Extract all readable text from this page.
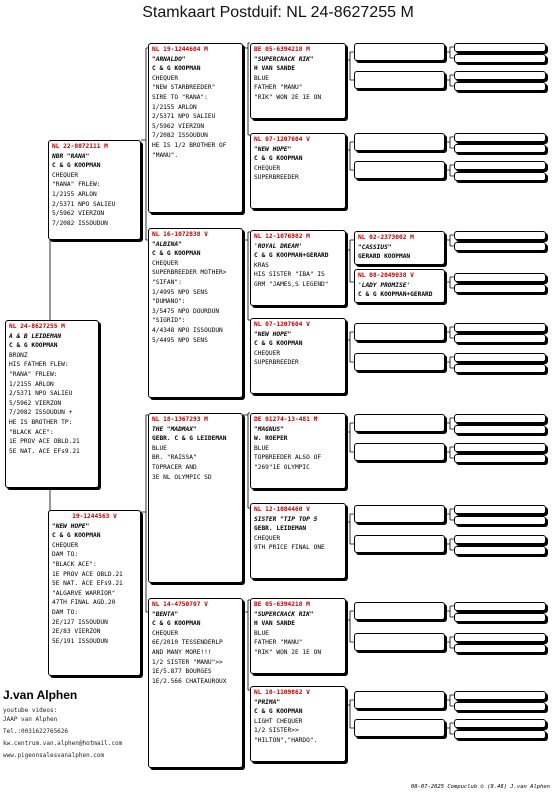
Stamkaart Postduif: NL 24-8627255 M
NL 24-8627255 M
A & B LEIDEMAN
C & G KOOPMAN
BRONZ
HIS FATHER FLEW:
"RANA" FRLEW:
1/2155 ARLON
2/5371 NPO SALIEU
5/5962 VIERZON
7/2082 ISSOUDUN +
HE IS BROTHER TP:
"BLACK ACE":
1E PROV ACE OBLD.21
5E NAT. ACE EFs9.21
NL 22-8072111 M
NBR "RANA"
C & G KOOPMAN
CHEQUER
"RANA" FRLEW:
1/2155 ARLON
2/5371 NPO SALIEU
5/5962 VIERZON
7/2082 ISSOUDUN
19-1244563 V
"NEW HOPE"
C & G KOOPMAN
CHEQUER
DAM TO:
"BLACK ACE":
1E PROV ACE OBLD.21
5E NAT. ACE EFs9.21
"ALGARVE WARRIOR"
47TH FINAL AGD.20
DAM TO:
2E/127 ISSOUDUN
2E/83 VIERZON
5E/191 ISSOUDUN
NL 19-1244604 M
"ARNALDO"
C & G KOOPMAN
CHEQUER
"NEW STARBREEDER"
SIRE TO "RANA":
1/2155 ARLON
2/5371 NPO SALIEU
5/5962 VIERZON
7/2082 ISSOUDUN
HE IS 1/2 BROTHER OF
"MANU".
NL 16-1072838 V
"ALBINA"
C & G KOOPMAN
CHEQUER
SUPERBREEDER MOTHER>
"SIFAN":
1/4995 NPO SENS
"DUMANO":
3/5475 NPO DOURDUN
"SIGRID":
4/4348 NPO ISSOUDUN
5/4495 NPO SENS
NL 18-1367293 M
THE "MADMAX"
GEBR. C & G LEIDEMAN
BLUE
BR. "RAISSA"
TOPRACER AND
3E NL OLYMPIC SD
NL 14-4750707 V
"BENTA"
C & G KOOPMAN
CHEQUER
6E/2010 TESSENDERLP
AND MANY MORE!!!
1/2 SISTER "MANU">>
1E/5.877 BOURGES
1E/2.566 CHATEAUROUX
BE 05-6394218 M
"SUPERCRACK RIK"
H VAN SANDE
BLUE
FATHER "MANU"
"RIK" WON 2E 1E ON
NL 07-1207604 V
"NEW HOPE"
C & G KOOPMAN
CHEQUER
SUPERBREEDER
NL 12-1076982 M
'ROYAL DREAM'
C & G KOOPMAN+GERARD
KRAS
HIS SISTER "IBA" IS
GRM "JAMES,S LEGEND"
NL 07-1207604 V
"NEW HOPE"
C & G KOOPMAN
CHEQUER
SUPERBREEDER
DE 01274-13-481 M
"MAGNUS"
W. ROEPER
BLUE
TOPBREEDER ALSO OF
"269"1E OLYMPIC
NL 12-1084460 V
SISTER "TIP TOP 5
GEBR. LEIDEMAN
CHEQUER
9TH PRICE FINAL ONE
BE 05-6394218 M
"SUPERCRACK RIK"
H VAN SANDE
BLUE
FATHER "MANU"
"RIK" WON 2E 1E ON
NL 10-1109862 V
"PRIMA"
C & G KOOPMAN
LIGHT CHEQUER
1/2 SISTER>>
"HILTON","HARDO".
NL 02-2373002 M
"CASSIUS"
GERARD KOOPMAN
NL 08-2049038 V
'LADY PROMISE'
C & G KOOPMAN+GERARD
J.van Alphen
youtube videos:
JAAP van Alphen
Tel.:0031622765626
kw.centrum.van.alphen@hotmail.com
www.pigeonsalesvanalphen.com
08-07-2025 Compuclub © (9.48) J.van Alphen
